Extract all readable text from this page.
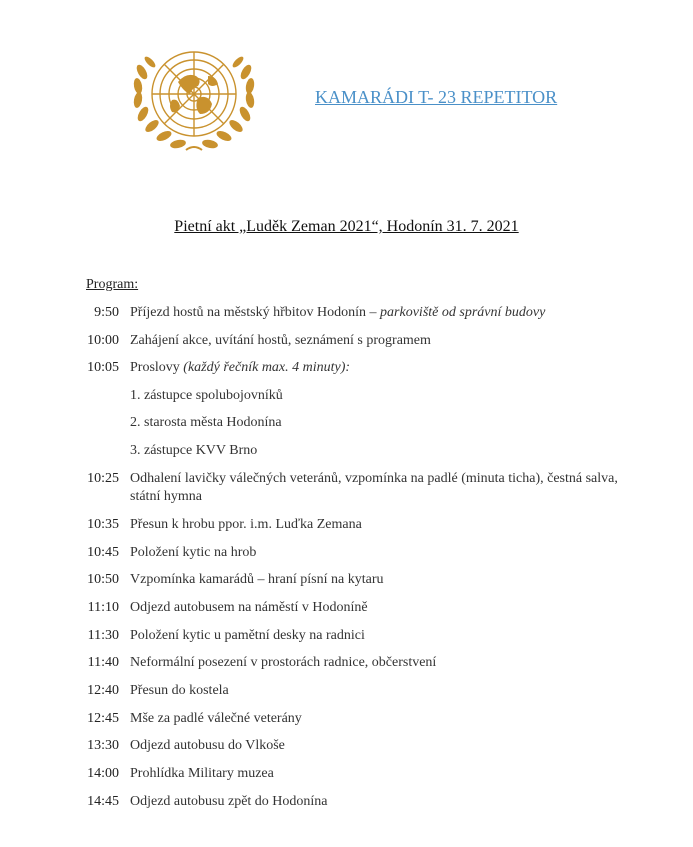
KAMARÁDI T- 23 REPETITOR
Pietní akt „Luděk Zeman 2021“, Hodonín 31. 7. 2021
Program:
9:50 Příjezd hostů na městský hřbitov Hodonín – parkoviště od správní budovy
10:00 Zahájení akce, uvítání hostů, seznámení s programem
10:05 Proslovy (každý řečník max. 4 minuty):
1. zástupce spolubojovníků
2. starosta města Hodonína
3. zástupce KVV Brno
10:25 Odhalení lavičky válečných veteránů, vzpomínka na padlé (minuta ticha), čestná salva, státní hymna
10:35 Přesun k hrobu ppor. i.m. Luďka Zemana
10:45 Položení kytic na hrob
10:50 Vzpomínka kamarádů – hraní písní na kytaru
11:10 Odjezd autobusem na náměstí v Hodoníně
11:30 Položení kytic u pamětní desky na radnici
11:40 Neformální posezení v prostorách radnice, občerstvení
12:40 Přesun do kostela
12:45 Mše za padlé válečné veterány
13:30 Odjezd autobusu do Vlkoše
14:00 Prohlídka Military muzea
14:45 Odjezd autobusu zpět do Hodonína
